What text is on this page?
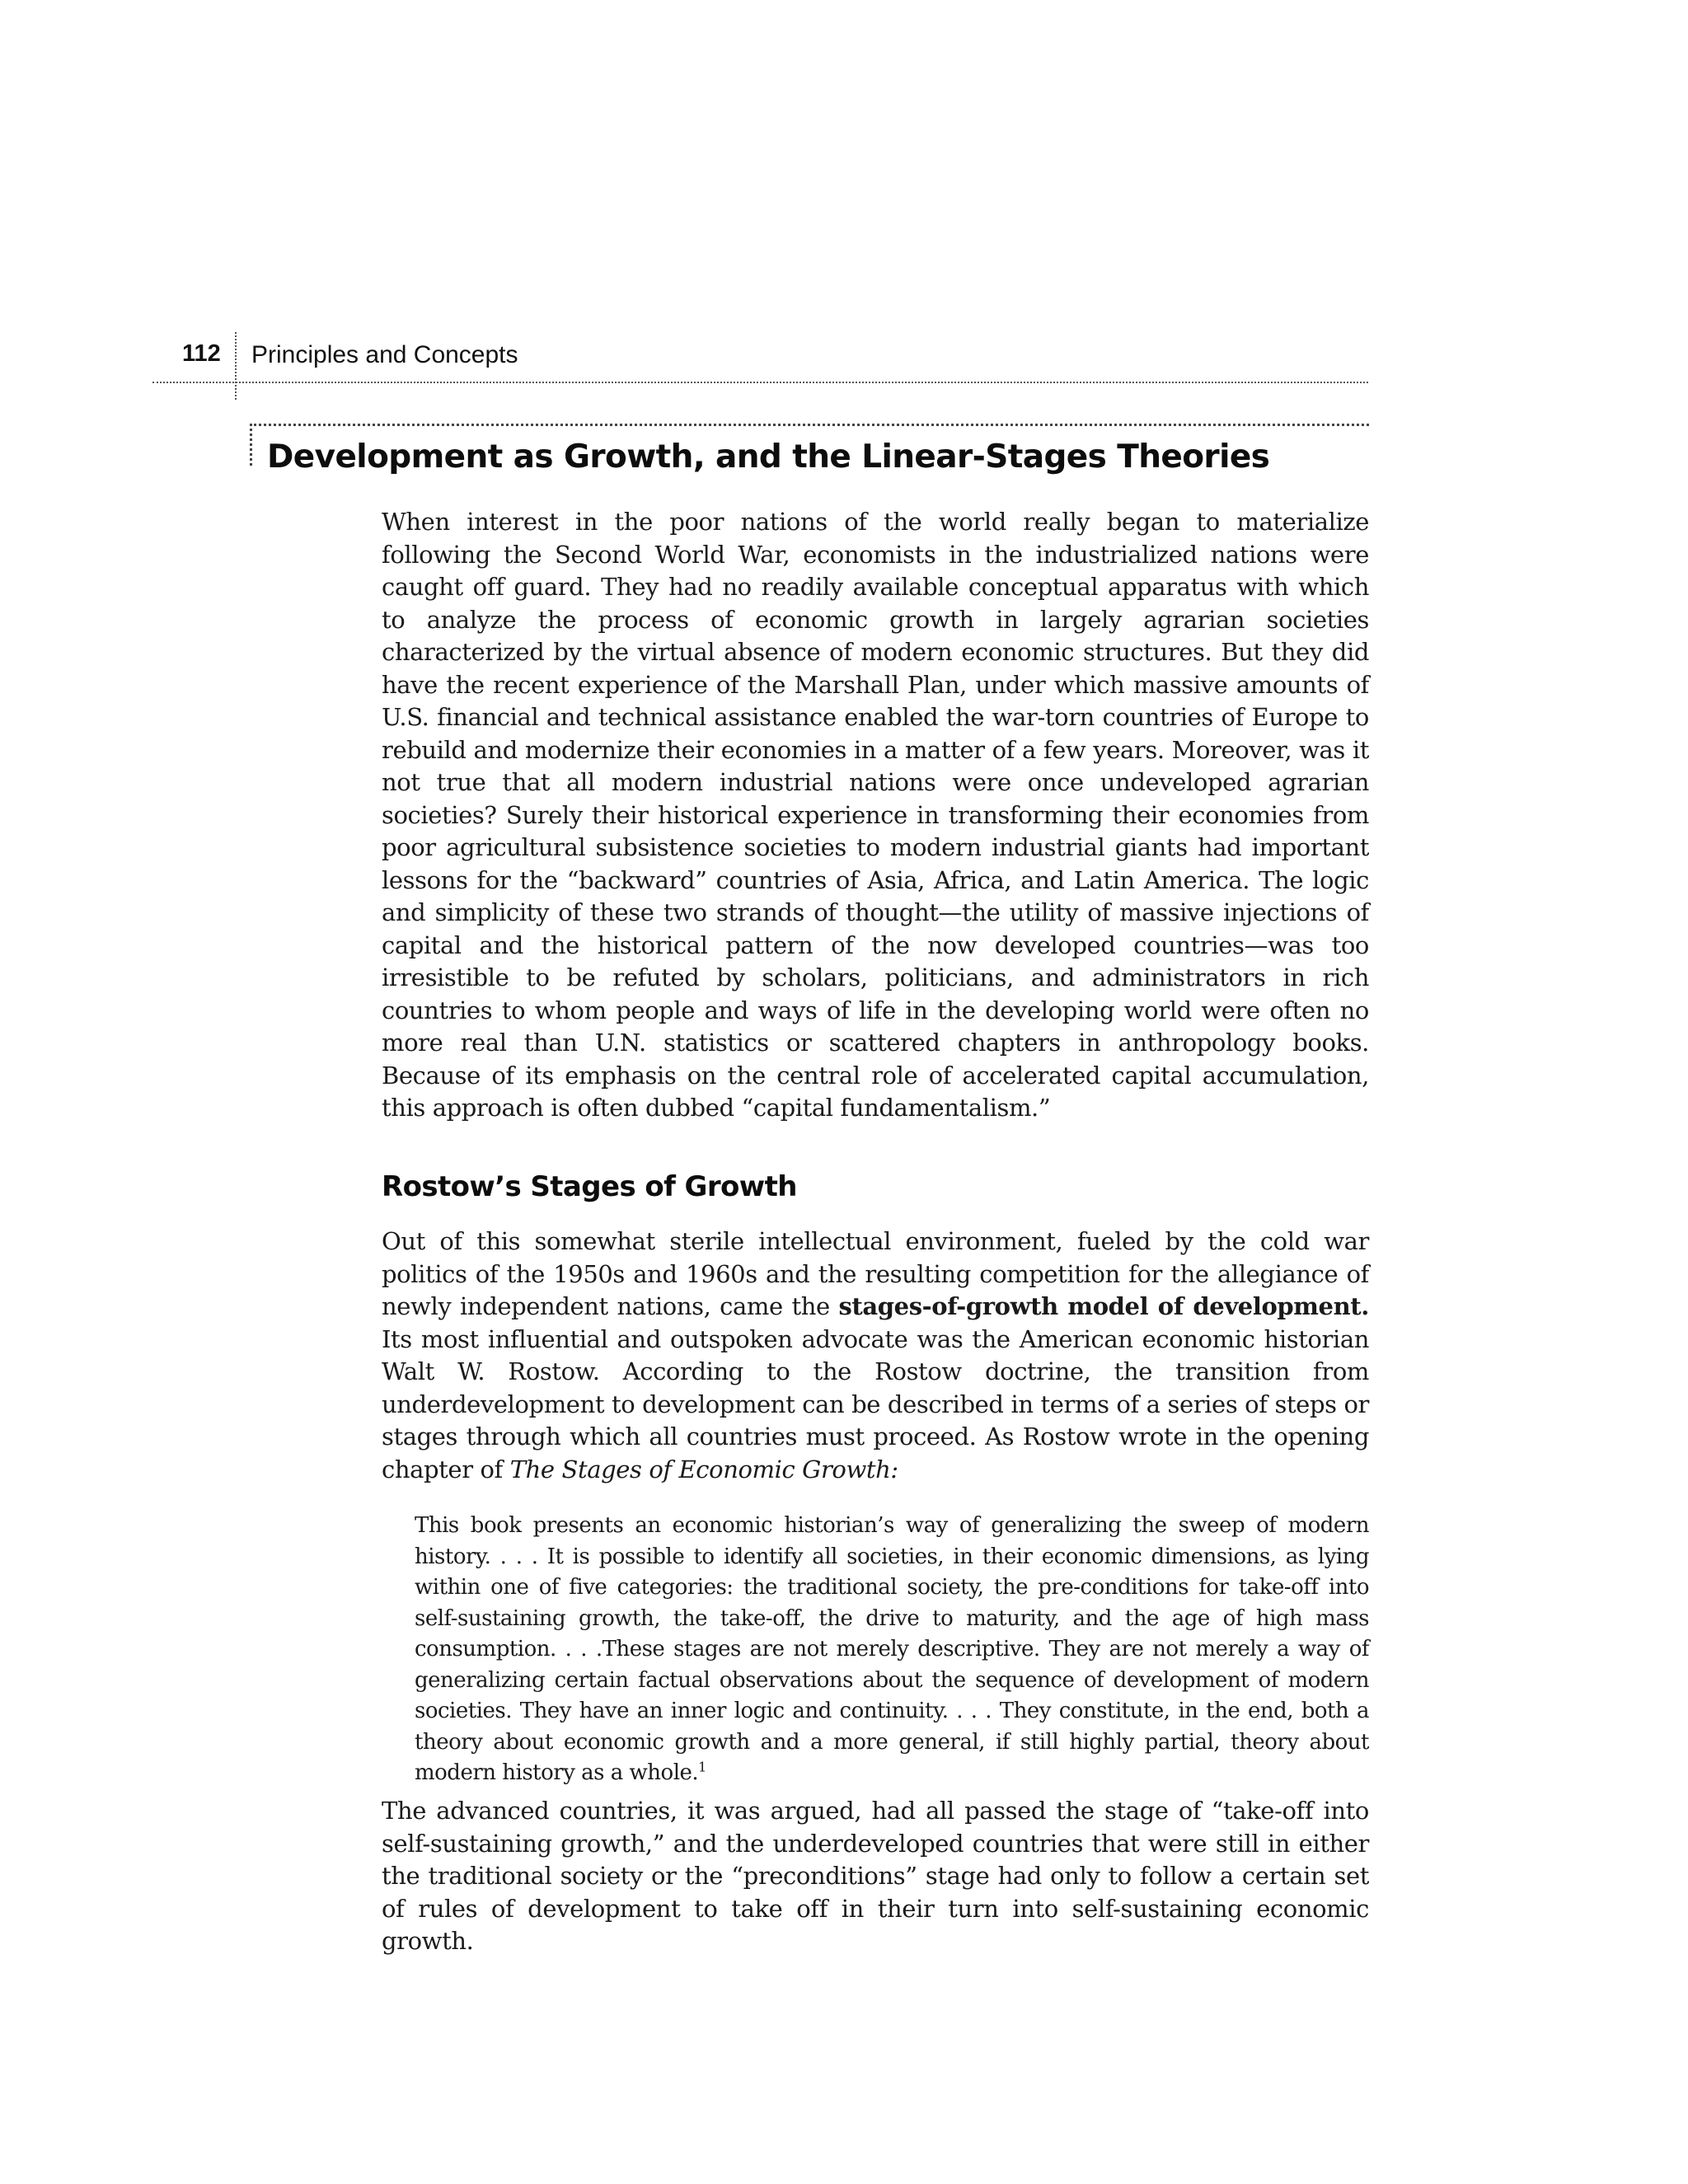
112 Principles and Concepts
Development as Growth, and the Linear-Stages Theories

When interest in the poor nations of the world really began to materialize following the Second World War, economists in the industrialized nations were caught off guard. They had no readily available conceptual apparatus with which to analyze the process of economic growth in largely agrarian societies characterized by the virtual absence of modern economic structures. But they did have the recent experience of the Marshall Plan, under which massive amounts of U.S. financial and technical assistance enabled the war-torn countries of Europe to rebuild and modernize their economies in a matter of a few years. Moreover, was it not true that all modern industrial nations were once undeveloped agrarian societies? Surely their historical experience in transforming their economies from poor agricultural subsistence societies to modern industrial giants had important lessons for the “backward” countries of Asia, Africa, and Latin America. The logic and simplicity of these two strands of thought—the utility of massive injections of capital and the historical pattern of the now developed countries—was too irresistible to be refuted by scholars, politicians, and administrators in rich countries to whom people and ways of life in the developing world were often no more real than U.N. statistics or scattered chapters in anthropology books. Because of its emphasis on the central role of accelerated capital accumulation, this approach is often dubbed “capital fundamentalism.”

Rostow’s Stages of Growth

Out of this somewhat sterile intellectual environment, fueled by the cold war politics of the 1950s and 1960s and the resulting competition for the allegiance of newly independent nations, came the stages-of-growth model of development. Its most influential and outspoken advocate was the American economic historian Walt W. Rostow. According to the Rostow doctrine, the transition from underdevelopment to development can be described in terms of a series of steps or stages through which all countries must proceed. As Rostow wrote in the opening chapter of The Stages of Economic Growth:

This book presents an economic historian’s way of generalizing the sweep of modern history. . . . It is possible to identify all societies, in their economic dimensions, as lying within one of five categories: the traditional society, the pre-conditions for take-off into self-sustaining growth, the take-off, the drive to maturity, and the age of high mass consumption. . . .These stages are not merely descriptive. They are not merely a way of generalizing certain factual observations about the sequence of development of modern societies. They have an inner logic and continuity. . . . They constitute, in the end, both a theory about economic growth and a more general, if still highly partial, theory about modern history as a whole.$^1$

The advanced countries, it was argued, had all passed the stage of “take-off into self-sustaining growth,” and the underdeveloped countries that were still in either the traditional society or the “preconditions” stage had only to follow a certain set of rules of development to take off in their turn into self-sustaining economic growth.
